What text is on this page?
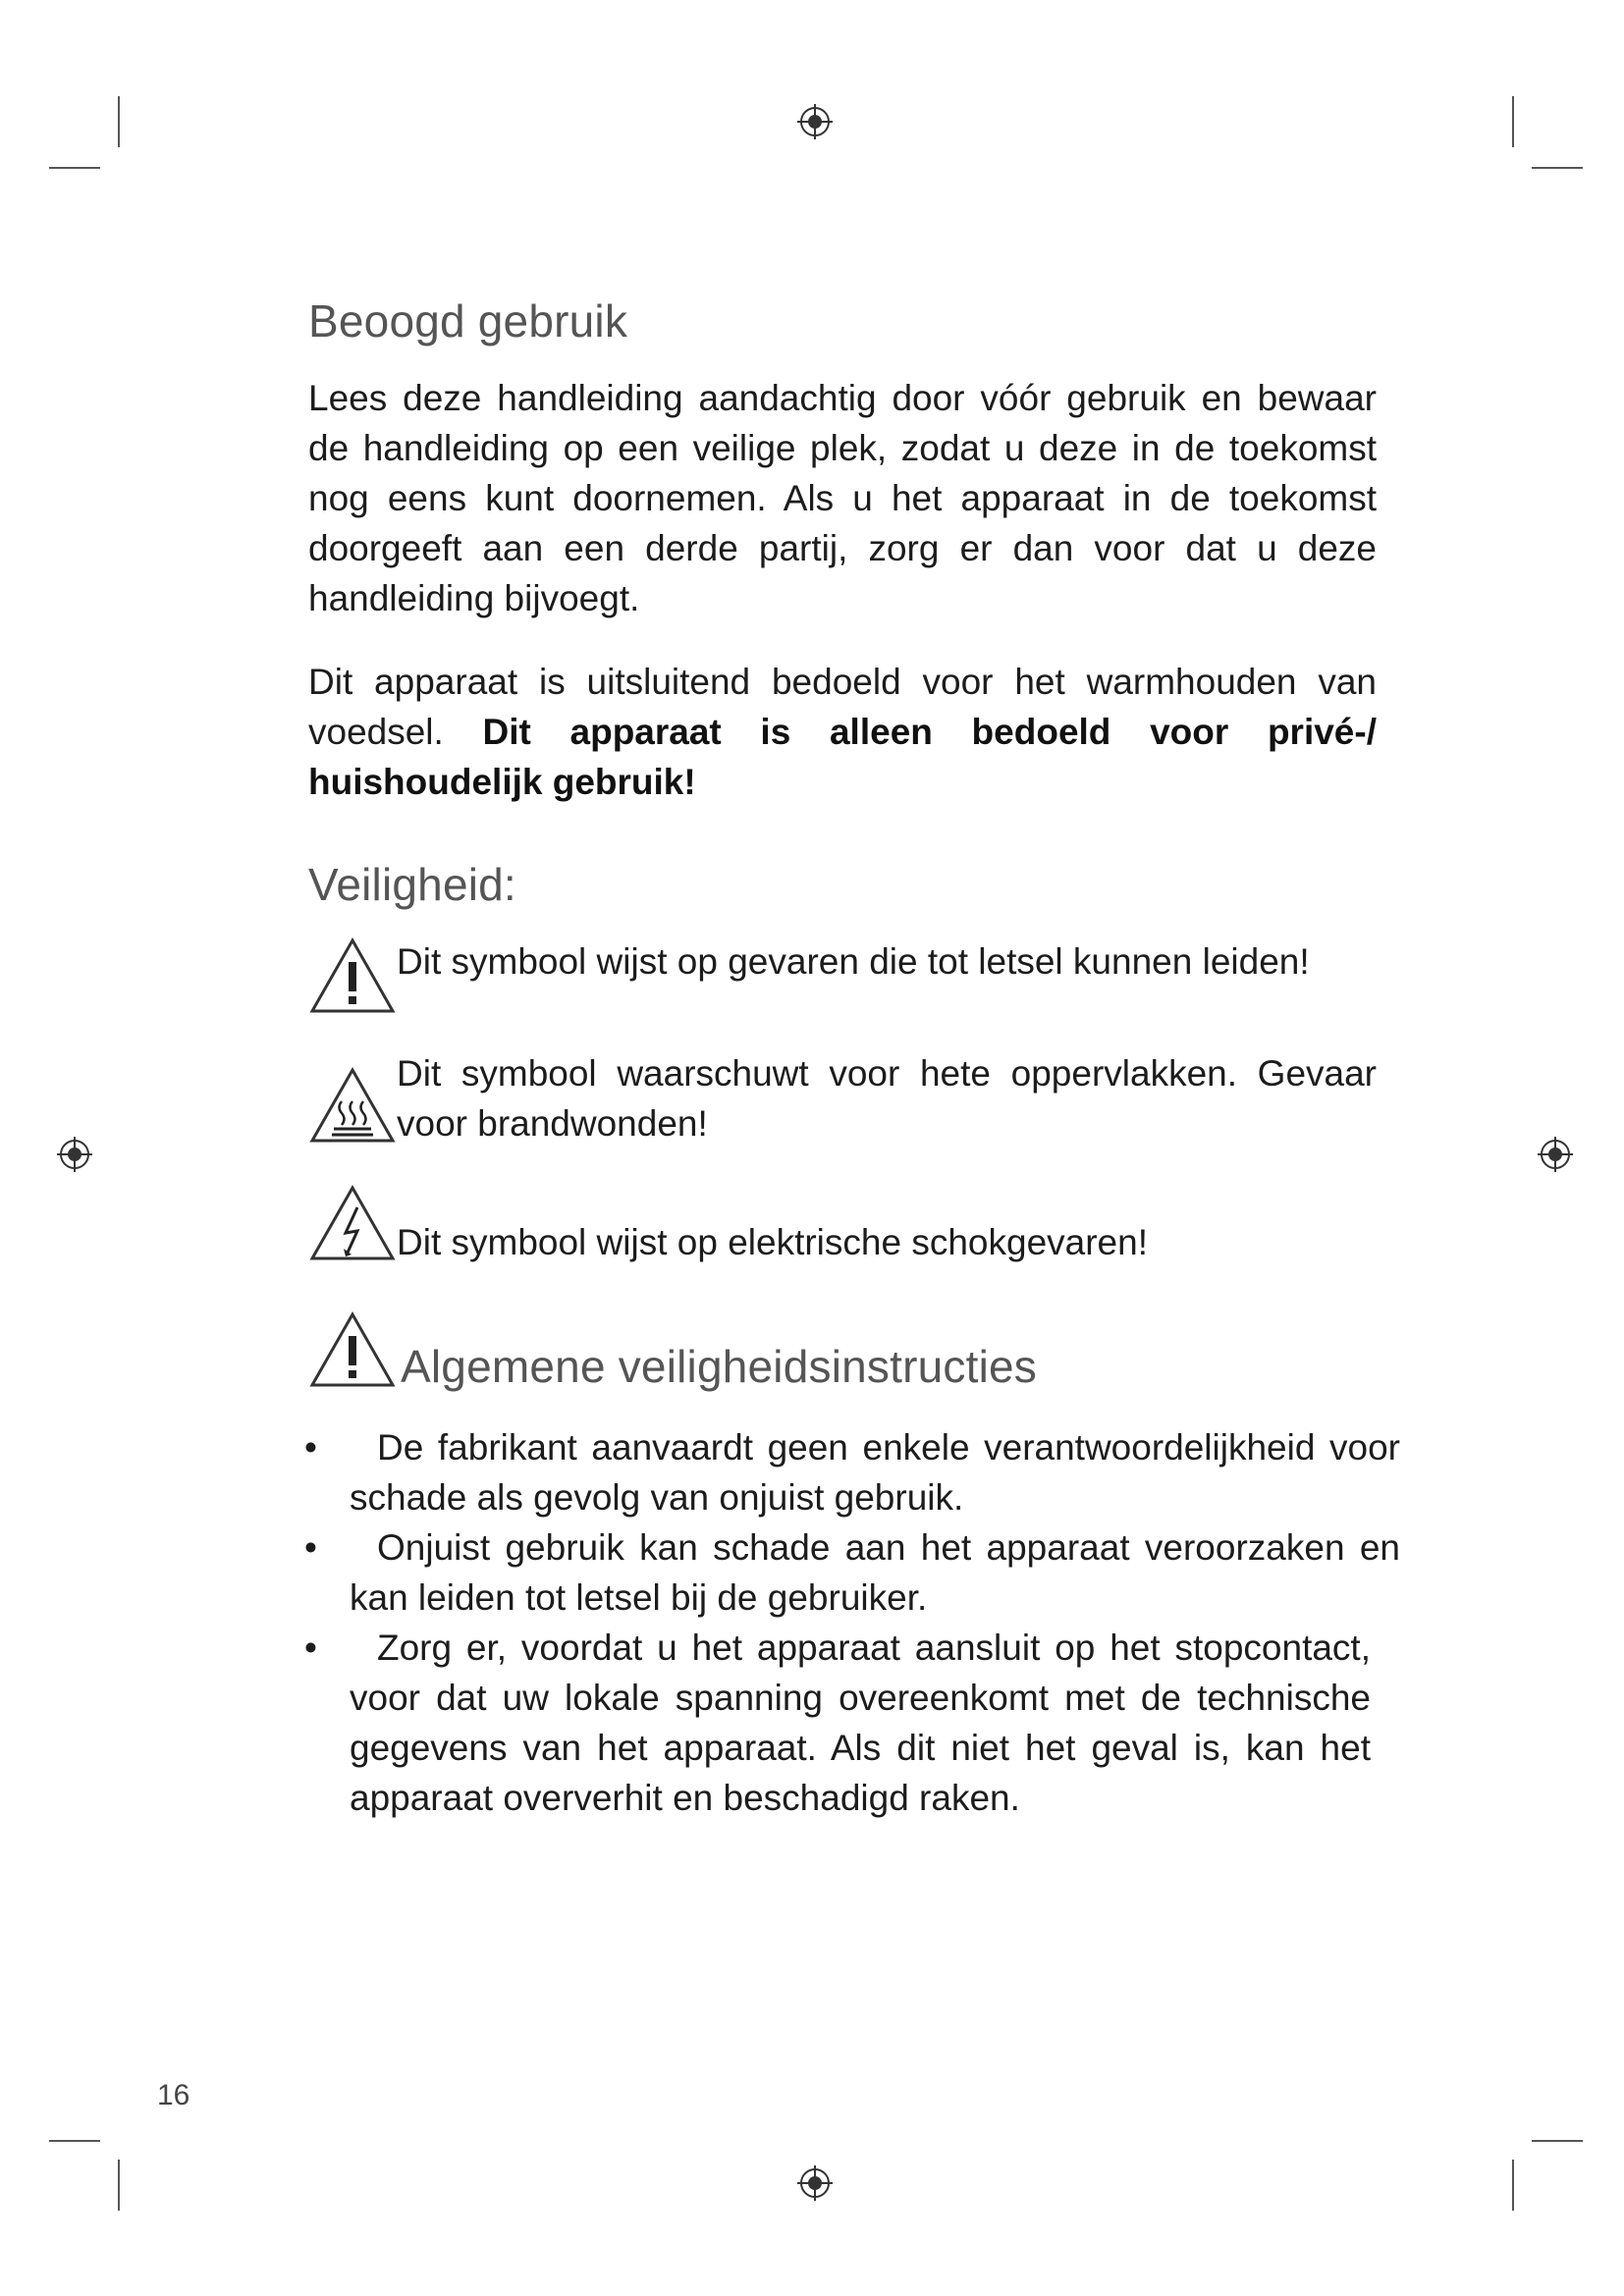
Beoogd gebruik

Lees deze handleiding aandachtig door vóór gebruik en bewaar de handleiding op een veilige plek, zodat u deze in de toekomst nog eens kunt doornemen. Als u het apparaat in de toekomst doorgeeft aan een derde partij, zorg er dan voor dat u deze handleiding bijvoegt.

Dit apparaat is uitsluitend bedoeld voor het warmhouden van voedsel. Dit apparaat is alleen bedoeld voor privé-/ huishoudelijk gebruik!

Veiligheid:
Dit symbool wijst op gevaren die tot letsel kunnen leiden!
Dit symbool waarschuwt voor hete oppervlakken. Gevaar voor brandwonden!
Dit symbool wijst op elektrische schokgevaren!
Algemene veiligheidsinstructies
•	De fabrikant aanvaardt geen enkele verantwoordelijkheid voor schade als gevolg van onjuist gebruik.
•	Onjuist gebruik kan schade aan het apparaat veroorzaken en kan leiden tot letsel bij de gebruiker.
•	Zorg er, voordat u het apparaat aansluit op het stopcontact, voor dat uw lokale spanning overeenkomt met de technische gegevens van het apparaat. Als dit niet het geval is, kan het apparaat oververhit en beschadigd raken.
16
